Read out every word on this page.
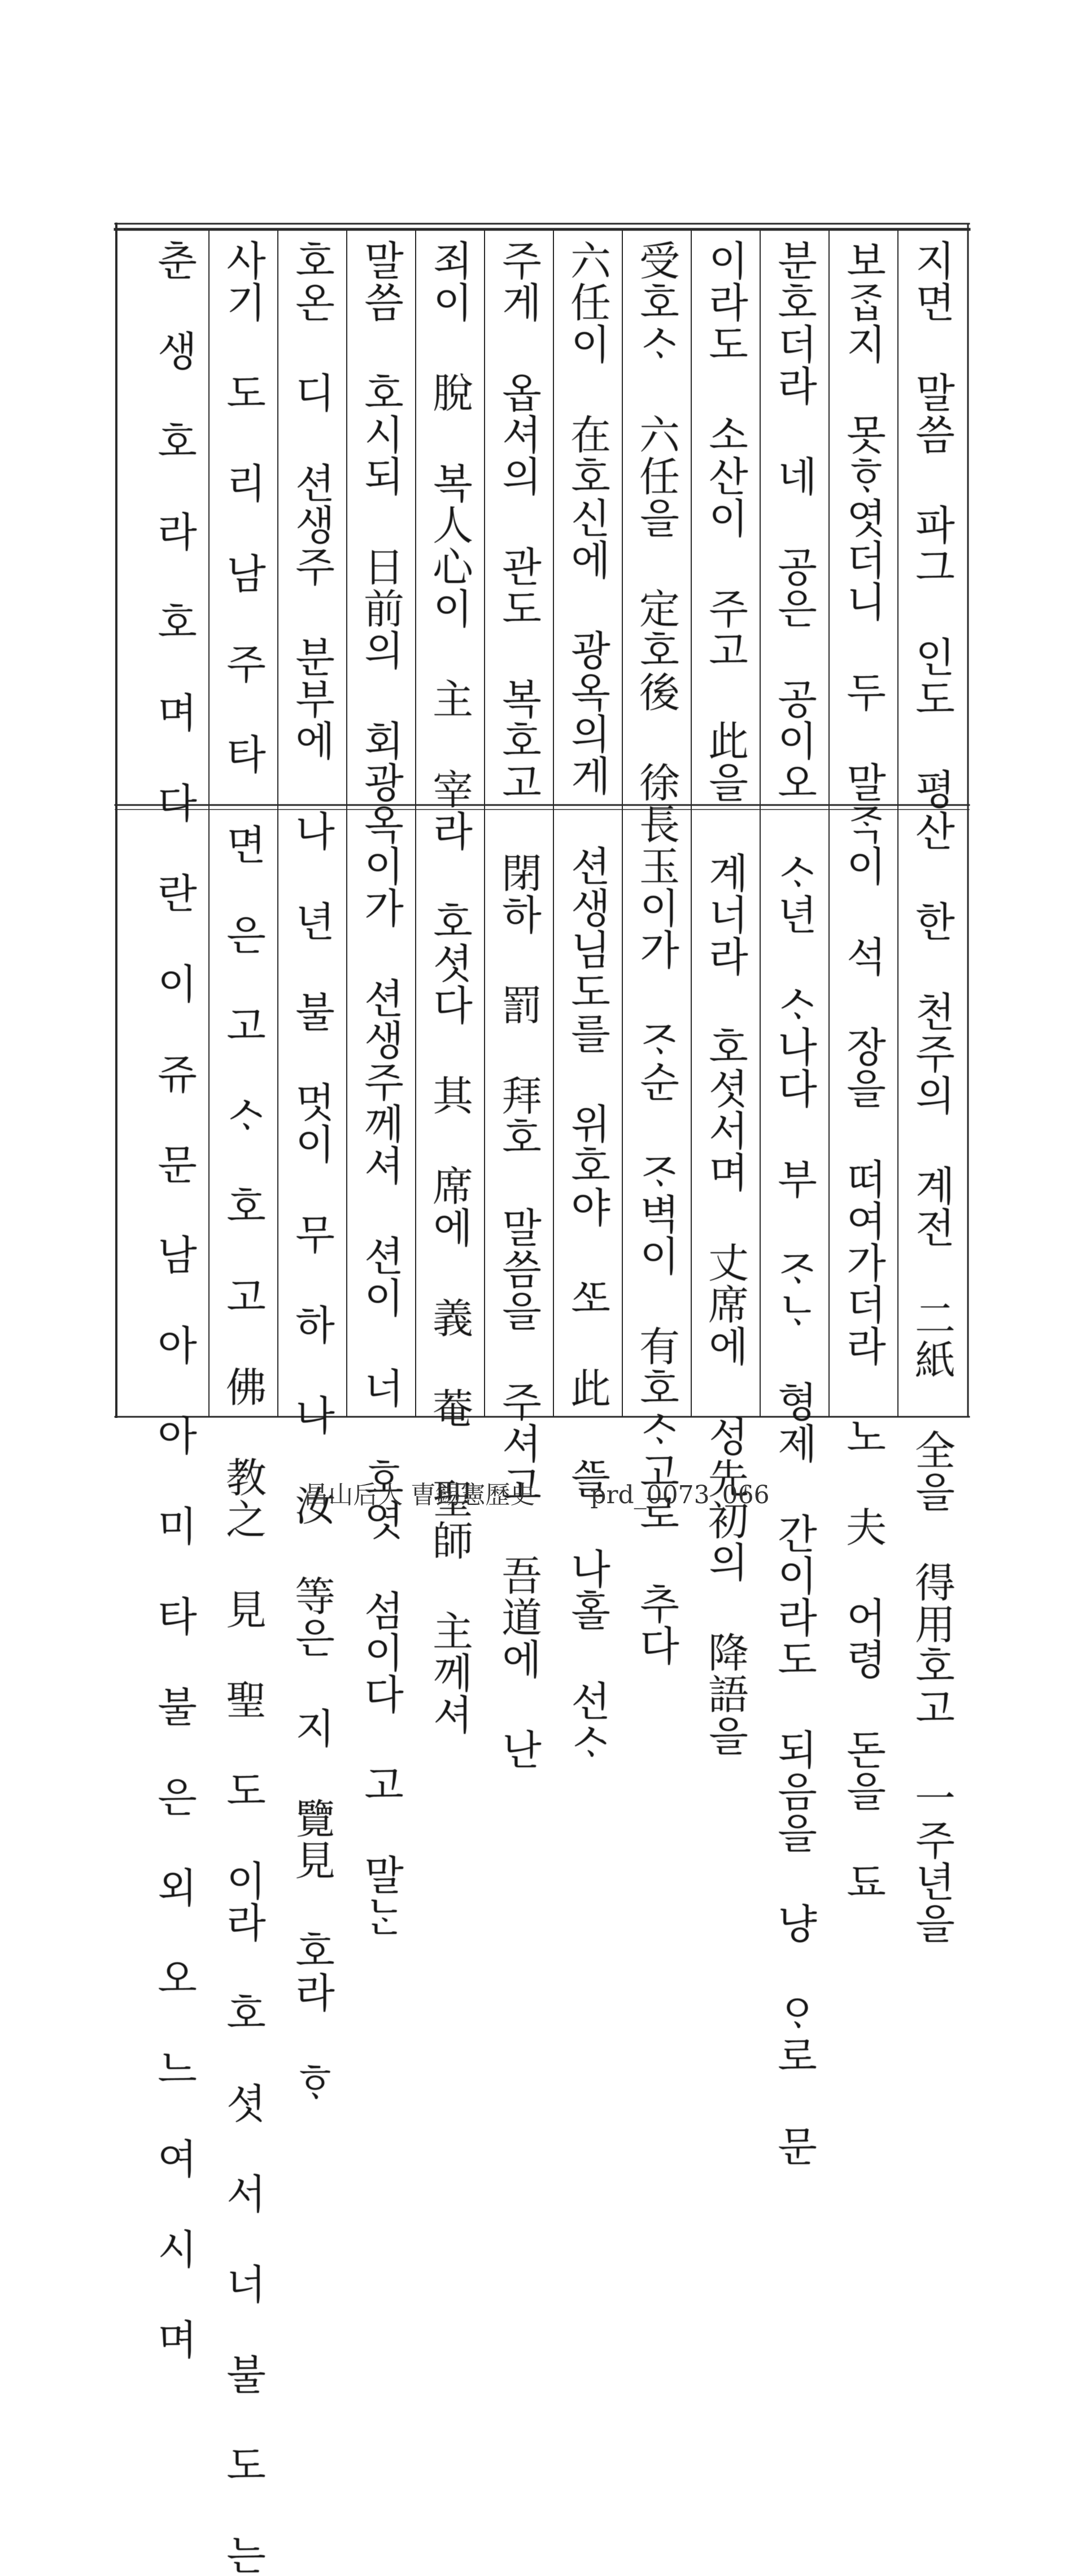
지면 말씀 파그 인도 평산 한 천주의 계전 二紙 全을 得用호고 一주년을
보ᄌᆞᆸ지 못ᄒᆞ엿더니 두 말ᄌᆞᆨ이 석 장을 떠여가더라 노 夫 어령 돈을 됴
분호더라 네 공은 공이오 ᄉᆞ년 ᄉᆞ나다 부 ᄌᆞᄂᆞ 형제 간이라도 되음을 냥 ᄋᆞ로 문
이라도 소산이 주고 此을 계너라 호셧서며 丈席에 성先初의 降語을
受호ᄉᆞ 六任을 定호後 徐長玉이가 ᄌᆞ순 ᄌᆞ벽이 有호ᄉᆞ고로 추다
六任이 在호신에 광옥의게 션생님도를 위호야 ᄯᅩ 此 ᄯᅳᆯ 나홀 선ᄉᆞ
주게 옵셔의 관도 복호고 閉하 罰 拜호 말씀을 주셔고 吾道에 난
죄이 脫 복人心이 主 宰라 호셧다 其 席에 義 菴 聖師 主께셔
말씀 호시되 日前의 회광옥이가 션생주께셔 션이 너 호엿 섬이다 고 말ᄂᆞᆫ
호온 디 션생주 분부에 나 년 불 멋이 무 하 나 汝 等은 지 覽見 호라 ᄒᆞ
사기 도 리 남 주 타 면 은 고 ᄉᆞ 호 고 佛 教之 見 聖 도 이라 호 셧 서 너 불 도 는
춘 생 호 라 호 며 다 란 이 쥬 문 남 아 아 미 타 불 은 외 오 느 여 시 며	昌山后人 曺錫憲歷史 prd_0073_066
